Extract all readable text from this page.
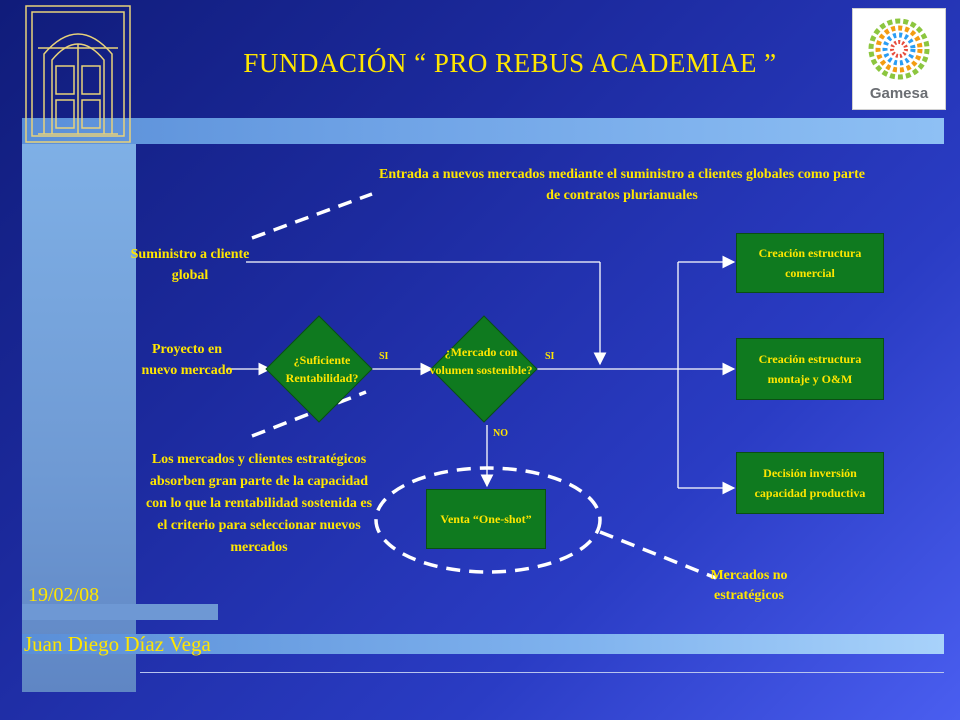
FUNDACIÓN “ PRO REBUS ACADEMIAE ”
Gamesa
Entrada a nuevos mercados mediante el suministro a clientes globales como parte de contratos plurianuales
Suministro a cliente global
Proyecto en nuevo mercado
¿Suficiente Rentabilidad?
¿Mercado con volumen sostenible?
SI	SI
NO
Creación estructura comercial
Creación estructura montaje y O&M
Decisión inversión capacidad productiva
Venta “One-shot”
Los mercados y clientes estratégicos absorben gran parte de la capacidad con lo que la rentabilidad sostenida es el criterio para seleccionar nuevos mercados
Mercados no estratégicos
19/02/08
Juan Diego Díaz Vega
